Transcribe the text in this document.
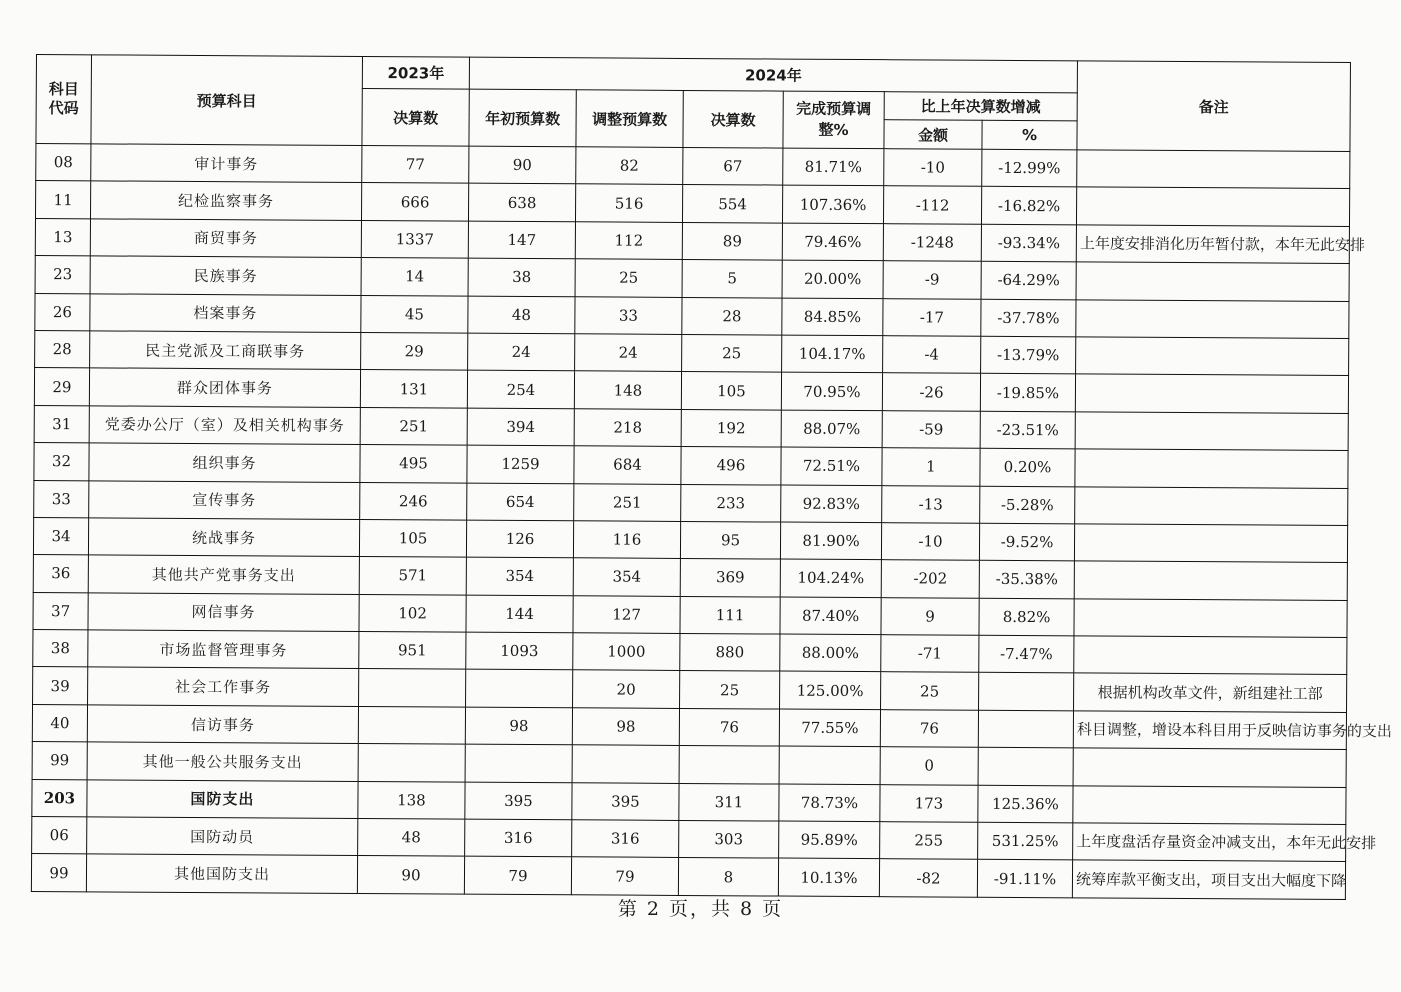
科目
代码	预算科目	2023年	2024年						备注
		决算数	年初预算数	调整预算数	决算数	完成预算调整%	比上年决算数增减		
							金额	%	
08	审计事务	77	90	82	67	81.71%	-10	-12.99%	
11	纪检监察事务	666	638	516	554	107.36%	-112	-16.82%	
13	商贸事务	1337	147	112	89	79.46%	-1248	-93.34%	上年度安排消化历年暂付款，本年无此安排
23	民族事务	14	38	25	5	20.00%	-9	-64.29%	
26	档案事务	45	48	33	28	84.85%	-17	-37.78%	
28	民主党派及工商联事务	29	24	24	25	104.17%	-4	-13.79%	
29	群众团体事务	131	254	148	105	70.95%	-26	-19.85%	
31	党委办公厅（室）及相关机构事务	251	394	218	192	88.07%	-59	-23.51%	
32	组织事务	495	1259	684	496	72.51%	1	0.20%	
33	宣传事务	246	654	251	233	92.83%	-13	-5.28%	
34	统战事务	105	126	116	95	81.90%	-10	-9.52%	
36	其他共产党事务支出	571	354	354	369	104.24%	-202	-35.38%	
37	网信事务	102	144	127	111	87.40%	9	8.82%	
38	市场监督管理事务	951	1093	1000	880	88.00%	-71	-7.47%	
39	社会工作事务			20	25	125.00%	25		根据机构改革文件，新组建社工部
40	信访事务		98	98	76	77.55%	76		科目调整，增设本科目用于反映信访事务的支出
99	其他一般公共服务支出						0		
203	国防支出	138	395	395	311	78.73%	173	125.36%	
06	国防动员	48	316	316	303	95.89%	255	531.25%	上年度盘活存量资金冲减支出，本年无此安排
99	其他国防支出	90	79	79	8	10.13%	-82	-91.11%	统筹库款平衡支出，项目支出大幅度下降
第 2 页，共 8 页
